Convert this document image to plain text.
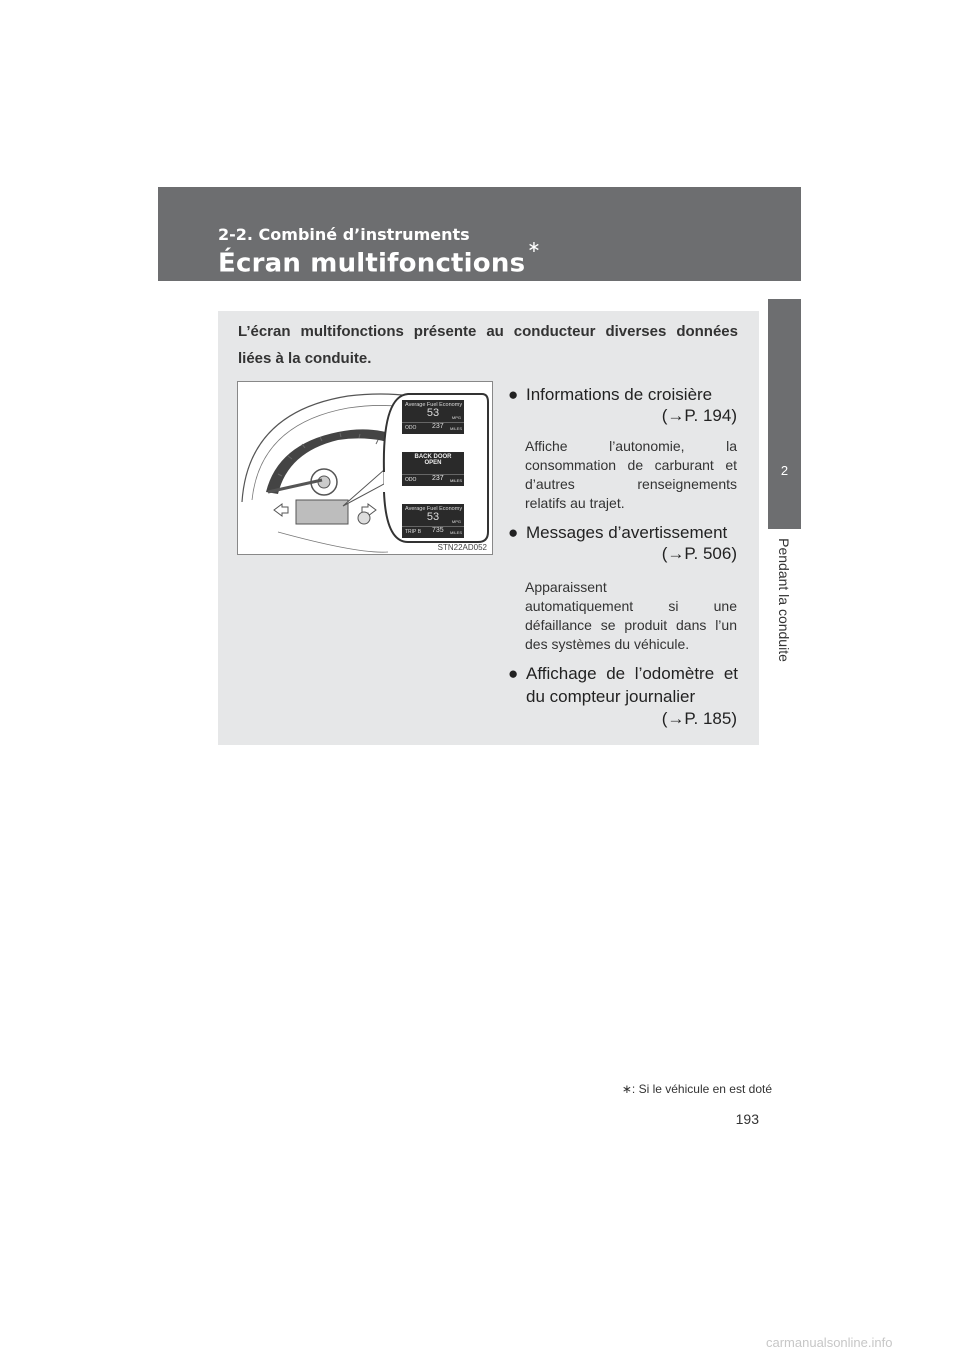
2-2. Combiné d’instruments
Écran multifonctions∗
2
Pendant la conduite
L’écran multifonctions présente au conducteur diverses données
liées à la conduite.
Average Fuel Economy
53	MPG
ODO 237 MILES
BACK DOOR
OPEN
ODO 237 MILES
Average Fuel Economy
53	MPG
TRIP B 735 MILES
STN22AD052
● Informations de croisière
(→P. 194)
Affiche l’autonomie, la
consommation de carburant et
d’autres renseignements
relatifs au trajet.
● Messages d’avertissement
(→P. 506)
Apparaissent
automatiquement si une
défaillance se produit dans l’un
des systèmes du véhicule.
● Affichage de l’odomètre et
du compteur journalier
(→P. 185)
∗: Si le véhicule en est doté
193
carmanualsonline.info
